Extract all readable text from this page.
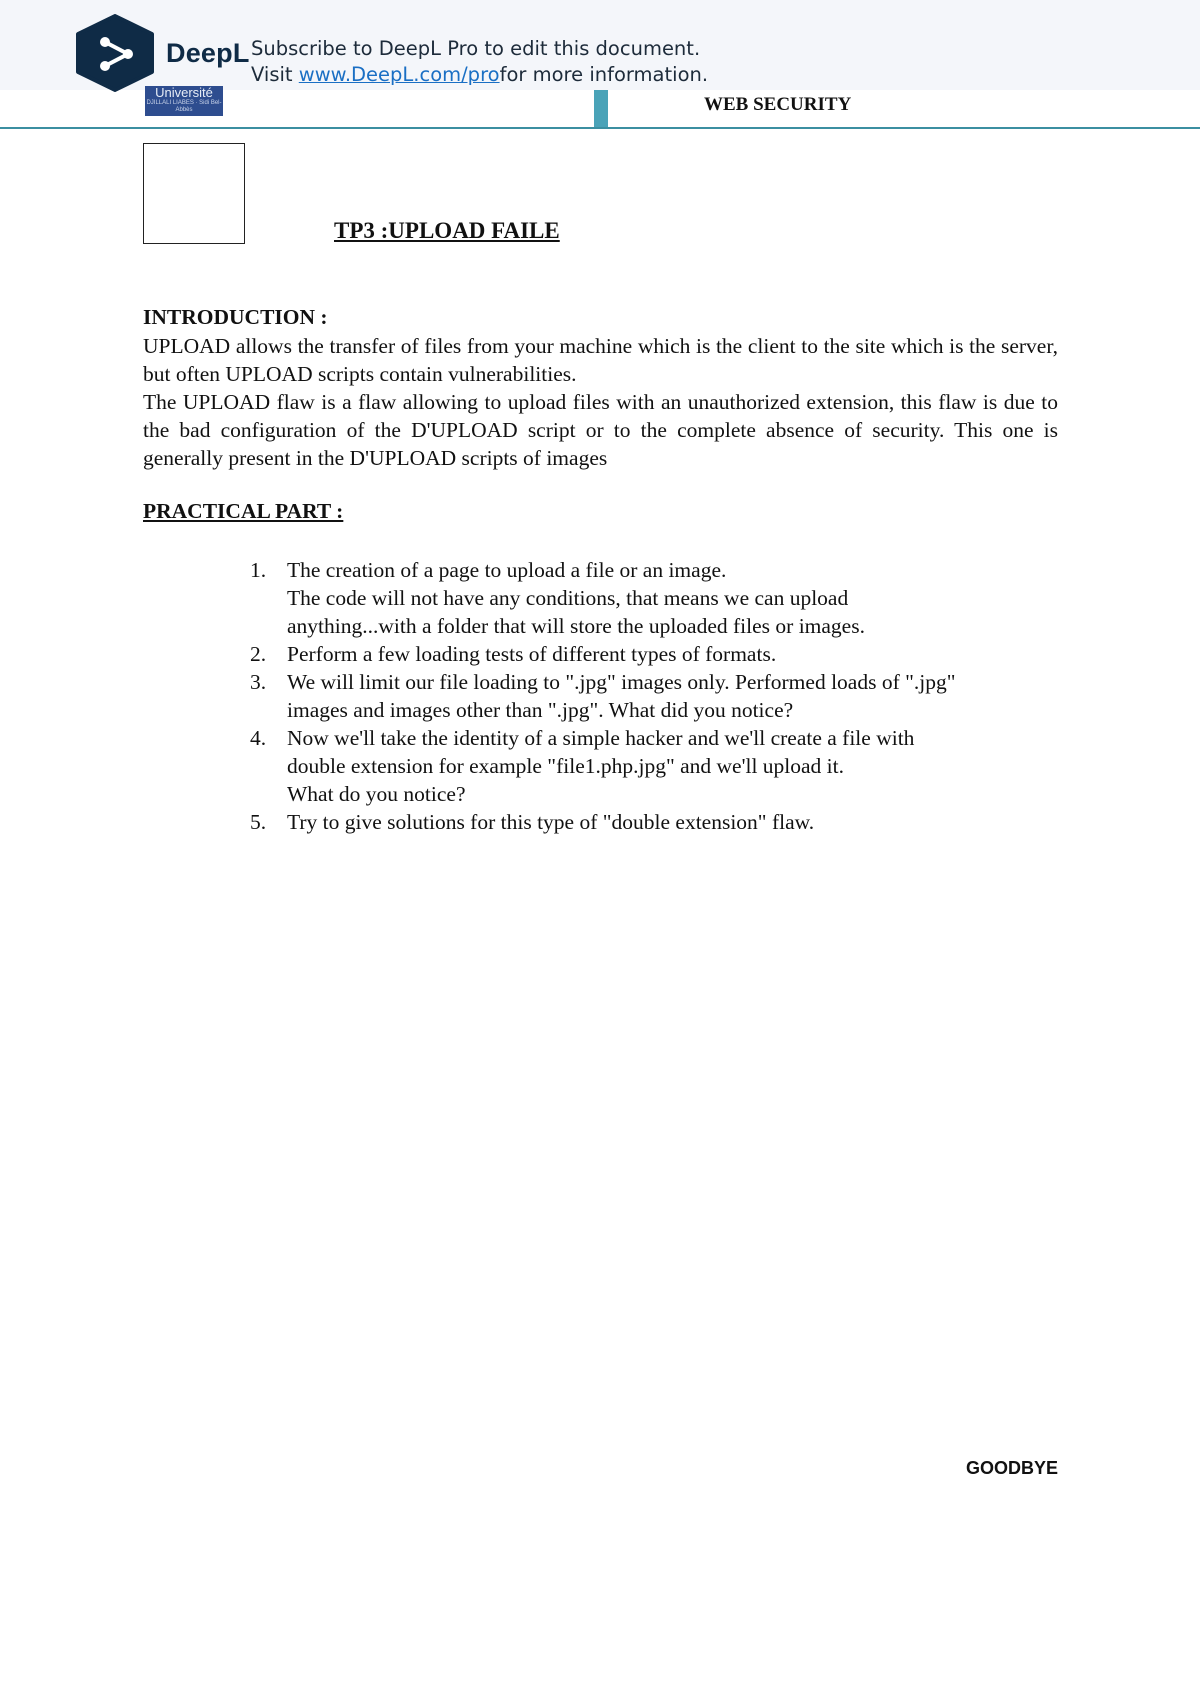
DeepL Subscribe to DeepL Pro to edit this document.
Visit www.DeepL.com/profor more information.
Université
DJILLALI LIABES · Sidi Bel-Abbès	WEB SECURITY
TP3 :UPLOAD FAILE
INTRODUCTION :

UPLOAD allows the transfer of files from your machine which is the client to the site which is the server, but often UPLOAD scripts contain vulnerabilities.

The UPLOAD flaw is a flaw allowing to upload files with an unauthorized extension, this flaw is due to the bad configuration of the D'UPLOAD script or to the complete absence of security. This one is generally present in the D'UPLOAD scripts of images

PRACTICAL PART :
1. The creation of a page to upload a file or an image.
The code will not have any conditions, that means we can upload
anything...with a folder that will store the uploaded files or images.
2. Perform a few loading tests of different types of formats.
3. We will limit our file loading to ".jpg" images only. Performed loads of ".jpg"
images and images other than ".jpg". What did you notice?
4. Now we'll take the identity of a simple hacker and we'll create a file with
double extension for example "file1.php.jpg" and we'll upload it.
What do you notice?
5. Try to give solutions for this type of "double extension" flaw.
GOODBYE
